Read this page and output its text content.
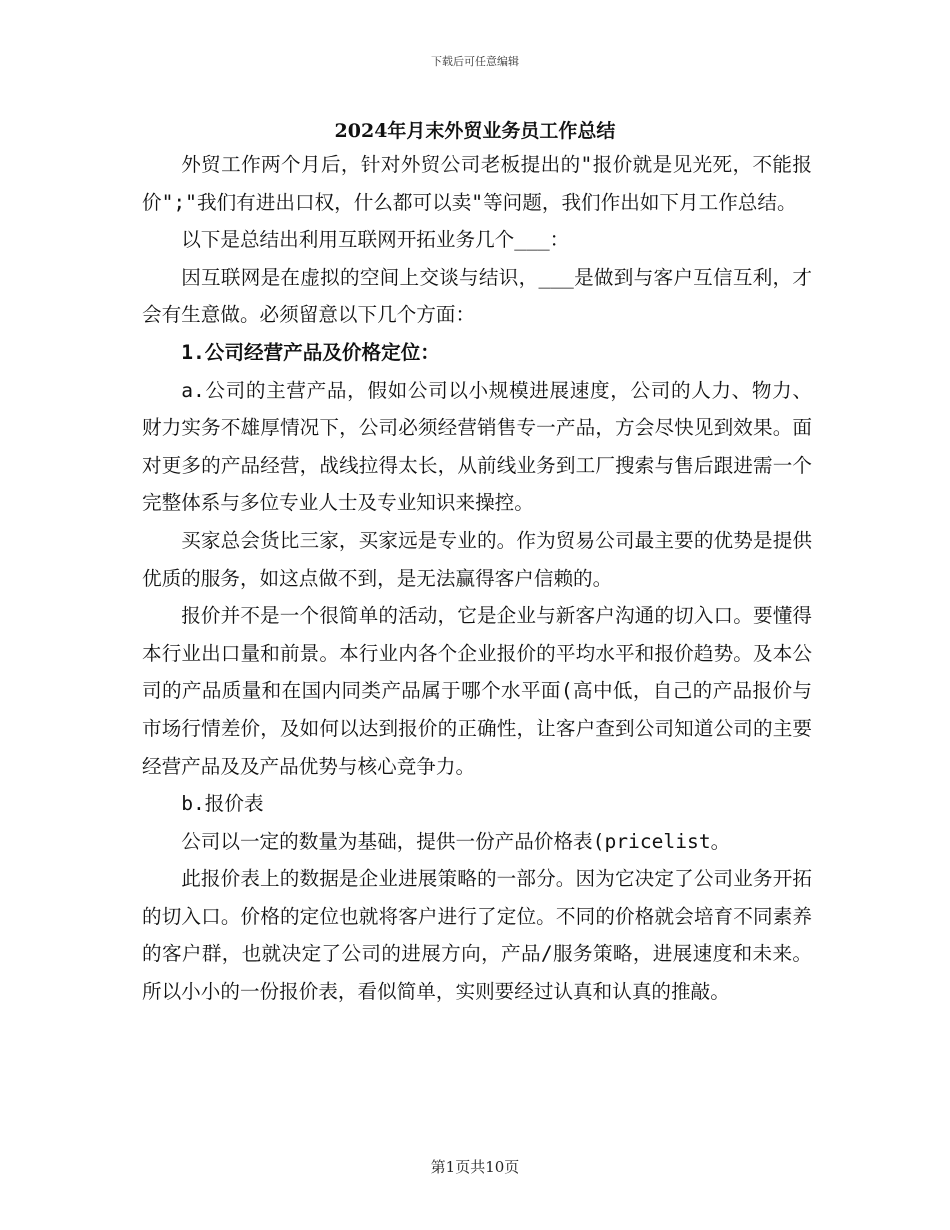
下载后可任意编辑
2024年月末外贸业务员工作总结

外贸工作两个月后，针对外贸公司老板提出的"报价就是见光死，不能报价";"我们有进出口权，什么都可以卖"等问题，我们作出如下月工作总结。

以下是总结出利用互联网开拓业务几个___：

因互联网是在虚拟的空间上交谈与结识，___是做到与客户互信互利，才会有生意做。必须留意以下几个方面：

1.公司经营产品及价格定位：

a.公司的主营产品，假如公司以小规模进展速度，公司的人力、物力、财力实务不雄厚情况下，公司必须经营销售专一产品，方会尽快见到效果。面对更多的产品经营，战线拉得太长，从前线业务到工厂搜索与售后跟进需一个完整体系与多位专业人士及专业知识来操控。

买家总会货比三家，买家远是专业的。作为贸易公司最主要的优势是提供优质的服务，如这点做不到，是无法赢得客户信赖的。

报价并不是一个很简单的活动，它是企业与新客户沟通的切入口。要懂得本行业出口量和前景。本行业内各个企业报价的平均水平和报价趋势。及本公司的产品质量和在国内同类产品属于哪个水平面(高中低，自己的产品报价与市场行情差价，及如何以达到报价的正确性，让客户查到公司知道公司的主要经营产品及及产品优势与核心竞争力。

b.报价表

公司以一定的数量为基础，提供一份产品价格表(pricelist。

此报价表上的数据是企业进展策略的一部分。因为它决定了公司业务开拓的切入口。价格的定位也就将客户进行了定位。不同的价格就会培育不同素养的客户群，也就决定了公司的进展方向，产品/服务策略，进展速度和未来。所以小小的一份报价表，看似简单，实则要经过认真和认真的推敲。

第1页共10页
